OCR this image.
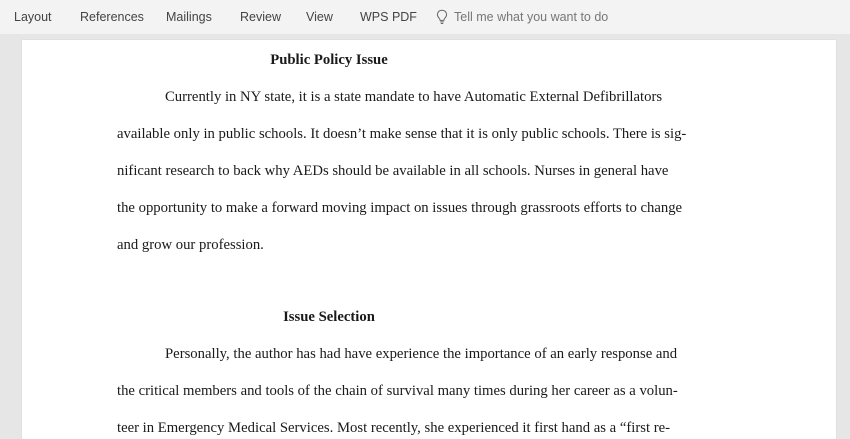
Layout References Mailings Review View WPS PDF	Tell me what you want to do
Public Policy Issue
Currently in NY state, it is a state mandate to have Automatic External Defibrillators
available only in public schools. It doesn’t make sense that it is only public schools. There is sig-
nificant research to back why AEDs should be available in all schools. Nurses in general have
the opportunity to make a forward moving impact on issues through grassroots efforts to change
and grow our profession.
Issue Selection
Personally, the author has had have experience the importance of an early response and
the critical members and tools of the chain of survival many times during her career as a volun-
teer in Emergency Medical Services. Most recently, she experienced it first hand as a “first re-
